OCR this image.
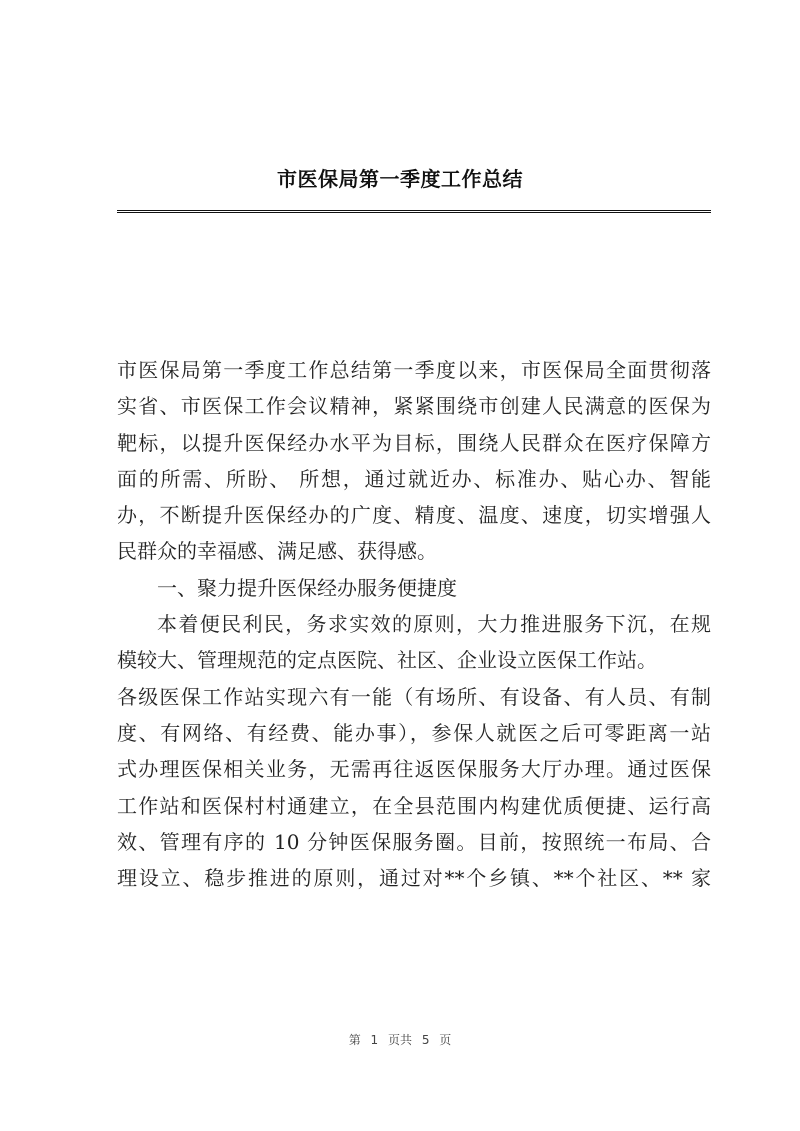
市医保局第一季度工作总结
市医保局第一季度工作总结第一季度以来，市医保局全面贯彻落
实省、市医保工作会议精神，紧紧围绕市创建人民满意的医保为
靶标，以提升医保经办水平为目标，围绕人民群众在医疗保障方
面的所需、所盼、 所想，通过就近办、标准办、贴心办、智能
办，不断提升医保经办的广度、精度、温度、速度，切实增强人
民群众的幸福感、满足感、获得感。
一、聚力提升医保经办服务便捷度
本着便民利民，务求实效的原则，大力推进服务下沉，在规
模较大、管理规范的定点医院、社区、企业设立医保工作站。
各级医保工作站实现六有一能（有场所、有设备、有人员、有制
度、有网络、有经费、能办事），参保人就医之后可零距离一站
式办理医保相关业务，无需再往返医保服务大厅办理。通过医保
工作站和医保村村通建立，在全县范围内构建优质便捷、运行高
效、管理有序的 10 分钟医保服务圈。目前，按照统一布局、合
理设立、稳步推进的原则，通过对**个乡镇、**个社区、** 家
第 1 页共 5 页
